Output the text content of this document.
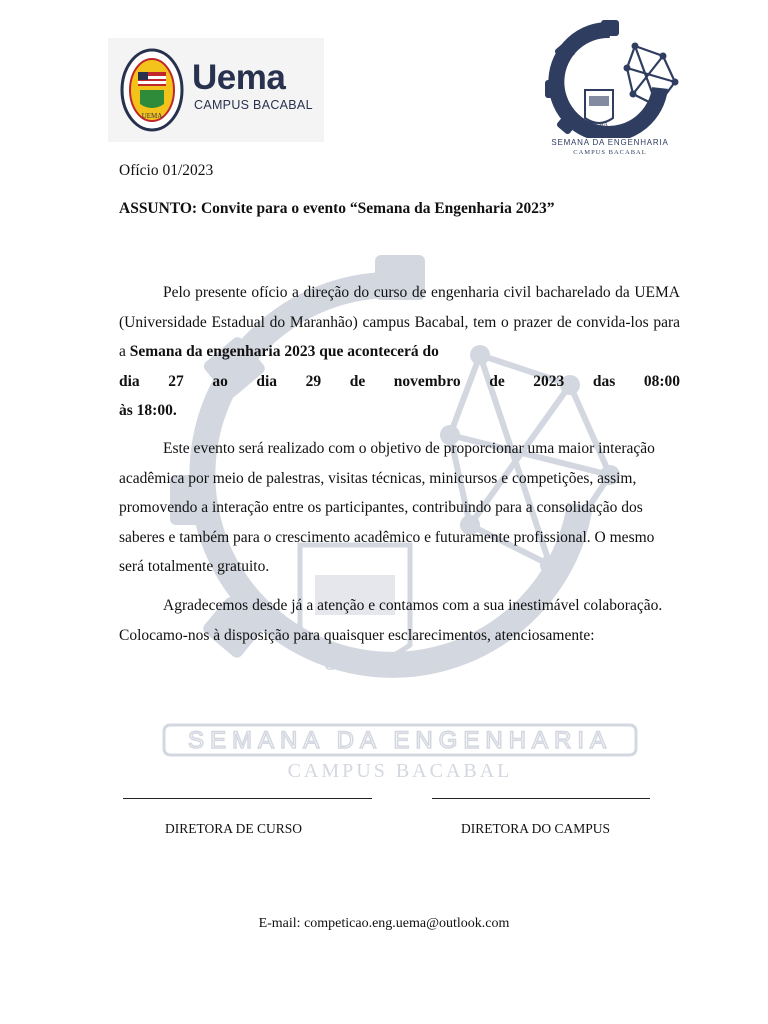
UEMA
SEMANA DA ENGENHARIA
CAMPUS BACABAL
UEMA
Uema
CAMPUS BACABAL
UEMA
SEMANA DA ENGENHARIA
CAMPUS BACABAL
Ofício 01/2023
ASSUNTO: Convite para o evento “Semana da Engenharia 2023”
Pelo presente ofício a direção do curso de engenharia civil bacharelado da UEMA (Universidade Estadual do Maranhão) campus Bacabal, tem o prazer de convida-los para a Semana da engenharia 2023 que acontecerá do
dia 27 ao dia 29 de novembro de 2023 das 08:00
às 18:00.
Este evento será realizado com o objetivo de proporcionar uma maior interação acadêmica por meio de palestras, visitas técnicas, minicursos e competições, assim, promovendo a interação entre os participantes, contribuindo para a consolidação dos saberes e também para o crescimento acadêmico e futuramente profissional. O mesmo será totalmente gratuito.
Agradecemos desde já a atenção e contamos com a sua inestimável colaboração. Colocamo-nos à disposição para quaisquer esclarecimentos, atenciosamente:
DIRETORA DE CURSO	DIRETORA DO CAMPUS
E-mail: competicao.eng.uema@outlook.com
